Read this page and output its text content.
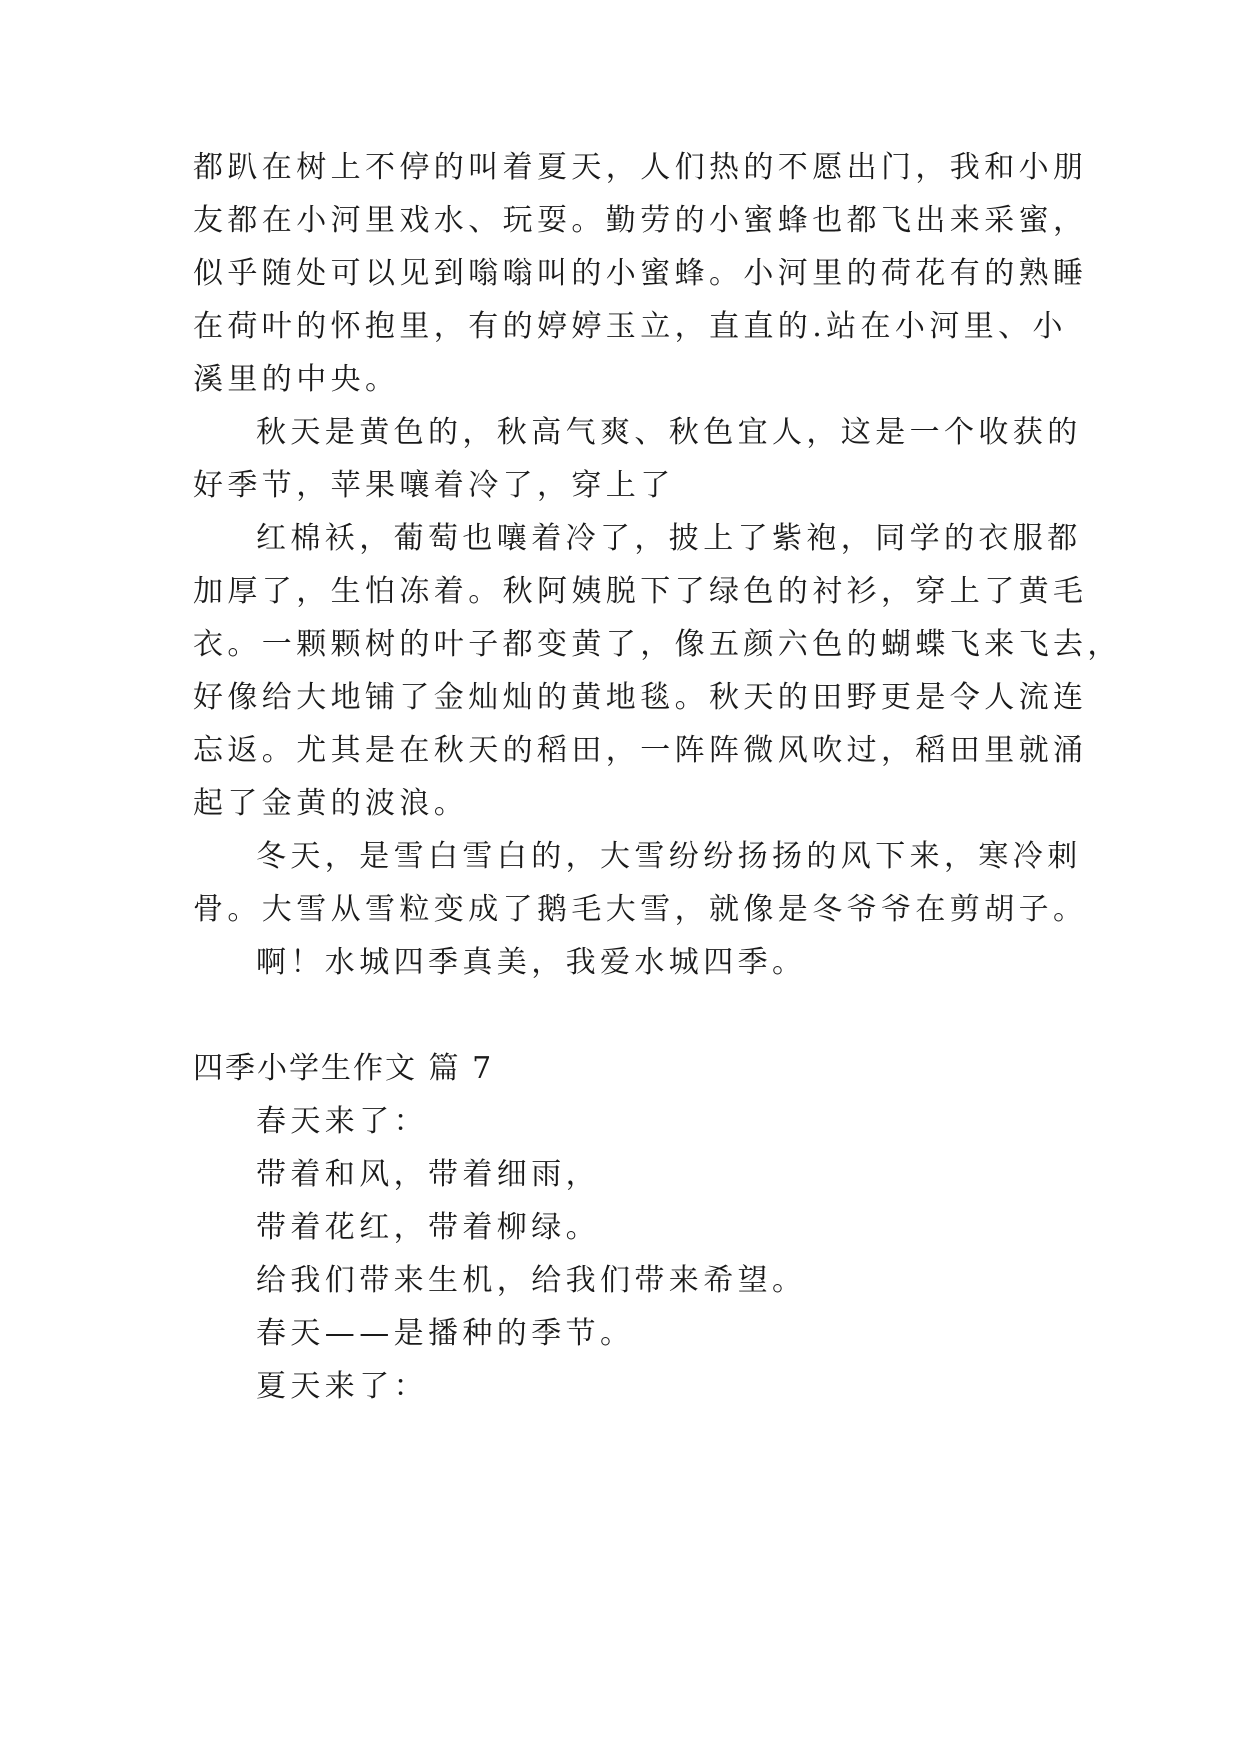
都趴在树上不停的叫着夏天，人们热的不愿出门，我和小朋
友都在小河里戏水、玩耍。勤劳的小蜜蜂也都飞出来采蜜，
似乎随处可以见到嗡嗡叫的小蜜蜂。小河里的荷花有的熟睡
在荷叶的怀抱里，有的婷婷玉立，直直的.站在小河里、小
溪里的中央。
秋天是黄色的，秋高气爽、秋色宜人，这是一个收获的
好季节，苹果嚷着冷了，穿上了
红棉袄，葡萄也嚷着冷了，披上了紫袍，同学的衣服都
加厚了，生怕冻着。秋阿姨脱下了绿色的衬衫，穿上了黄毛
衣。一颗颗树的叶子都变黄了，像五颜六色的蝴蝶飞来飞去，
好像给大地铺了金灿灿的黄地毯。秋天的田野更是令人流连
忘返。尤其是在秋天的稻田，一阵阵微风吹过，稻田里就涌
起了金黄的波浪。
冬天，是雪白雪白的，大雪纷纷扬扬的风下来，寒冷刺
骨。大雪从雪粒变成了鹅毛大雪，就像是冬爷爷在剪胡子。
啊！水城四季真美，我爱水城四季。
四季小学生作文 篇 7
春天来了：
带着和风，带着细雨，
带着花红，带着柳绿。
给我们带来生机，给我们带来希望。
春天——是播种的季节。
夏天来了：
